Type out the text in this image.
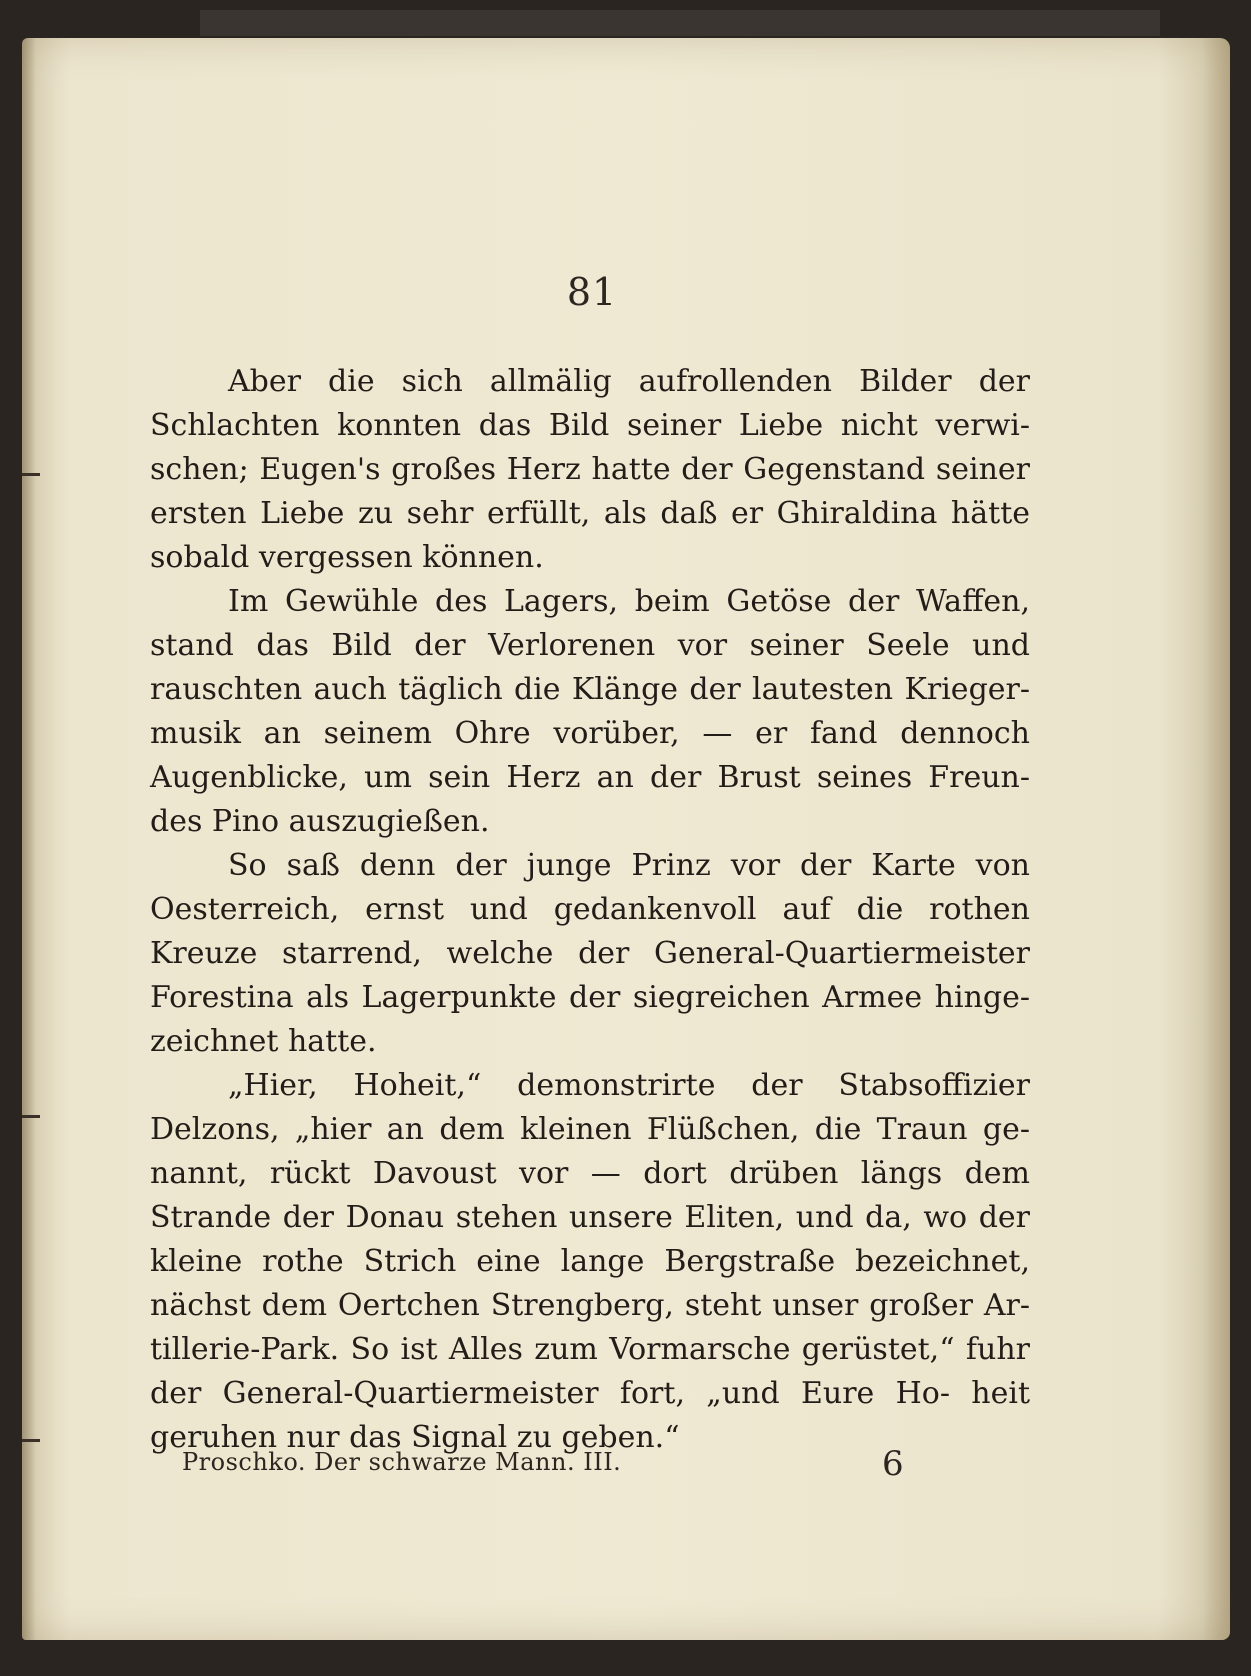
81

Aber die sich allmälig aufrollenden Bilder der Schlachten konnten das Bild seiner Liebe nicht verwi- schen; Eugen's großes Herz hatte der Gegenstand seiner ersten Liebe zu sehr erfüllt, als daß er Ghiraldina hätte sobald vergessen können.

Im Gewühle des Lagers, beim Getöse der Waffen, stand das Bild der Verlorenen vor seiner Seele und rauschten auch täglich die Klänge der lautesten Krieger- musik an seinem Ohre vorüber, — er fand dennoch Augenblicke, um sein Herz an der Brust seines Freun- des Pino auszugießen.

So saß denn der junge Prinz vor der Karte von Oesterreich, ernst und gedankenvoll auf die rothen Kreuze starrend, welche der General-Quartiermeister Forestina als Lagerpunkte der siegreichen Armee hinge- zeichnet hatte.

„Hier, Hoheit,“ demonstrirte der Stabsoffizier Delzons, „hier an dem kleinen Flüßchen, die Traun ge- nannt, rückt Davoust vor — dort drüben längs dem Strande der Donau stehen unsere Eliten, und da, wo der kleine rothe Strich eine lange Bergstraße bezeichnet, nächst dem Oertchen Strengberg, steht unser großer Ar- tillerie-Park. So ist Alles zum Vormarsche gerüstet,“ fuhr der General-Quartiermeister fort, „und Eure Ho- heit geruhen nur das Signal zu geben.“

Proschko. Der schwarze Mann. III.	6
